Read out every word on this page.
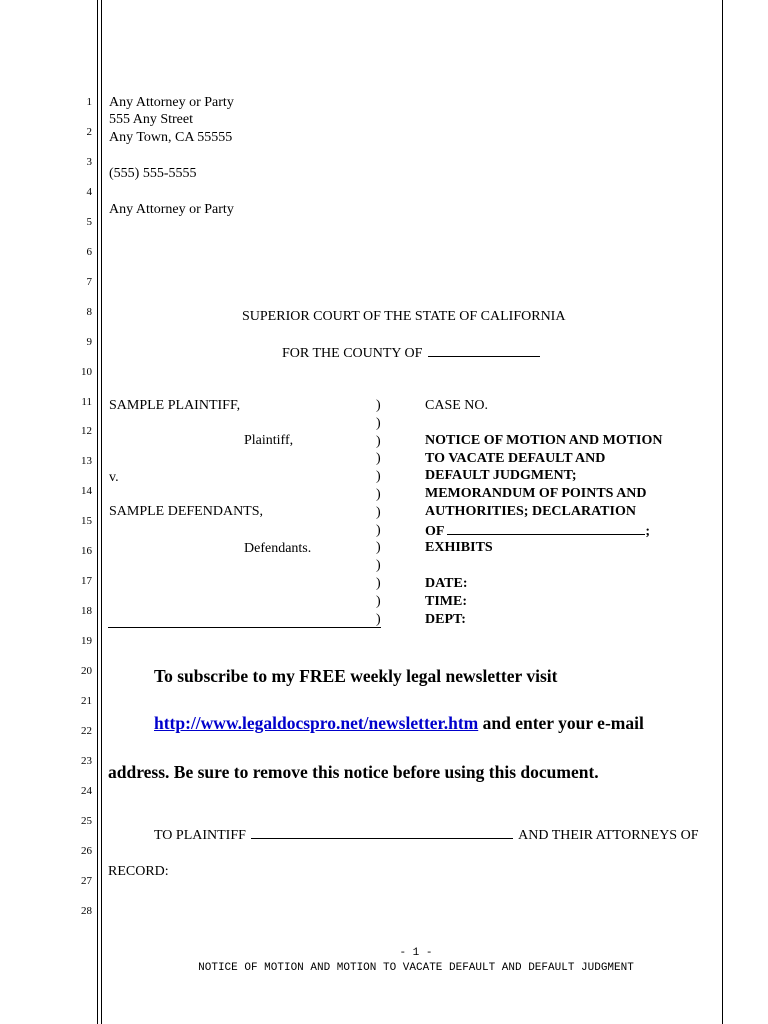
1
2
3
4
5
6
7
8
9
10
11
12
13
14
15
16
17
18
19
20
21
22
23
24
25
26
27
28
Any Attorney or Party
555 Any Street
Any Town, CA 55555
(555) 555-5555
Any Attorney or Party
SUPERIOR COURT OF THE STATE OF CALIFORNIA
FOR THE COUNTY OF
SAMPLE PLAINTIFF,
Plaintiff,
v.
SAMPLE DEFENDANTS,
Defendants.
)
)
)
)
)
)
)
)
)
)
)
)
)
CASE NO.
NOTICE OF MOTION AND MOTION
TO VACATE DEFAULT AND
DEFAULT JUDGMENT;
MEMORANDUM OF POINTS AND
AUTHORITIES; DECLARATION
OF	;
EXHIBITS
DATE:
TIME:
DEPT:
To subscribe to my FREE weekly legal newsletter visit
http://www.legaldocspro.net/newsletter.htm and enter your e-mail
address. Be sure to remove this notice before using this document.
TO PLAINTIFF	AND THEIR ATTORNEYS OF
RECORD:
- 1 -
NOTICE OF MOTION AND MOTION TO VACATE DEFAULT AND DEFAULT JUDGMENT
